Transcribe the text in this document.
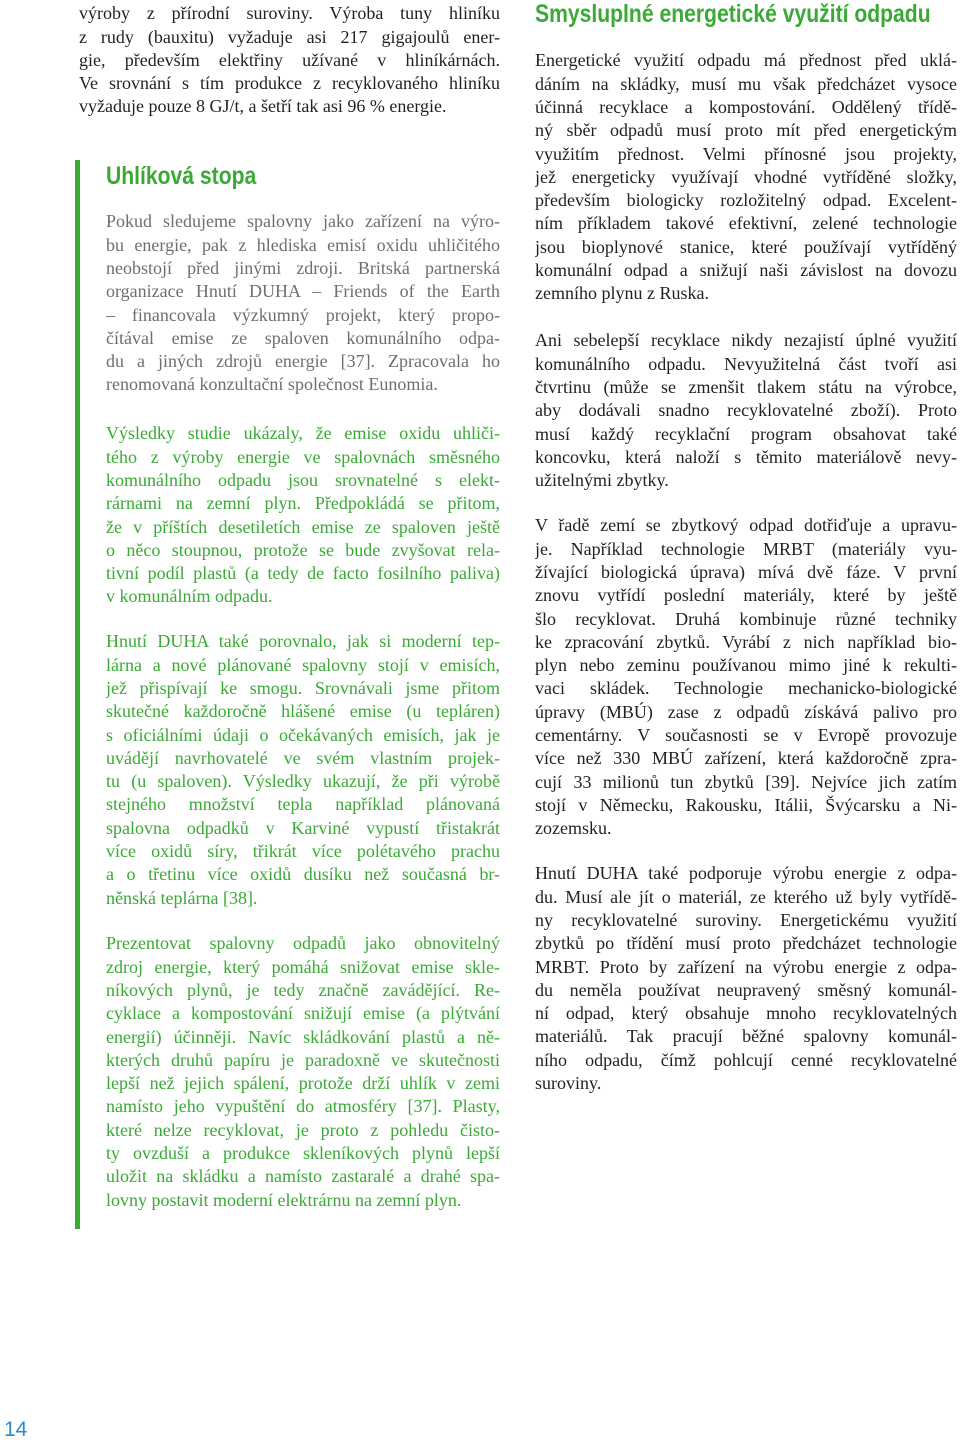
výroby z přírodní suroviny. Výroba tuny hliníku
z rudy (bauxitu) vyžaduje asi 217 gigajoulů ener-
gie, především elektřiny užívané v hliníkárnách.
Ve srovnání s tím produkce z recyklovaného hliníku
vyžaduje pouze 8 GJ/t, a šetří tak asi 96 % energie.
Uhlíková stopa
Pokud sledujeme spalovny jako zařízení na výro-
bu energie, pak z hlediska emisí oxidu uhličitého
neobstojí před jinými zdroji. Britská partnerská
organizace Hnutí DUHA – Friends of the Earth
– financovala výzkumný projekt, který propo-
čítával emise ze spaloven komunálního odpa-
du a jiných zdrojů energie [37]. Zpracovala ho
renomovaná konzultační společnost Eunomia.
Výsledky studie ukázaly, že emise oxidu uhliči-
tého z výroby energie ve spalovnách směsného
komunálního odpadu jsou srovnatelné s elekt-
rárnami na zemní plyn. Předpokládá se přitom,
že v příštích desetiletích emise ze spaloven ještě
o něco stoupnou, protože se bude zvyšovat rela-
tivní podíl plastů (a tedy de facto fosilního paliva)
v komunálním odpadu.
Hnutí DUHA také porovnalo, jak si moderní tep-
lárna a nové plánované spalovny stojí v emisích,
jež přispívají ke smogu. Srovnávali jsme přitom
skutečné každoročně hlášené emise (u tepláren)
s oficiálními údaji o očekávaných emisích, jak je
uvádějí navrhovatelé ve svém vlastním projek-
tu (u spaloven). Výsledky ukazují, že při výrobě
stejného množství tepla například plánovaná
spalovna odpadků v Karviné vypustí třistakrát
více oxidů síry, třikrát více polétavého prachu
a o třetinu více oxidů dusíku než současná br-
něnská teplárna [38].
Prezentovat spalovny odpadů jako obnovitelný
zdroj energie, který pomáhá snižovat emise skle-
níkových plynů, je tedy značně zavádějící. Re-
cyklace a kompostování snižují emise (a plýtvání
energií) účinněji. Navíc skládkování plastů a ně-
kterých druhů papíru je paradoxně ve skutečnosti
lepší než jejich spálení, protože drží uhlík v zemi
namísto jeho vypuštění do atmosféry [37]. Plasty,
které nelze recyklovat, je proto z pohledu čisto-
ty ovzduší a produkce skleníkových plynů lepší
uložit na skládku a namísto zastaralé a drahé spa-
lovny postavit moderní elektrárnu na zemní plyn.
Smysluplné energetické využití odpadu
Energetické využití odpadu má přednost před uklá-
dáním na skládky, musí mu však předcházet vysoce
účinná recyklace a kompostování. Oddělený třídě-
ný sběr odpadů musí proto mít před energetickým
využitím přednost. Velmi přínosné jsou projekty,
jež energeticky využívají vhodné vytříděné složky,
především biologicky rozložitelný odpad. Excelent-
ním příkladem takové efektivní, zelené technologie
jsou bioplynové stanice, které používají vytříděný
komunální odpad a snižují naši závislost na dovozu
zemního plynu z Ruska.
Ani sebelepší recyklace nikdy nezajistí úplné využití
komunálního odpadu. Nevyužitelná část tvoří asi
čtvrtinu (může se zmenšit tlakem státu na výrobce,
aby dodávali snadno recyklovatelné zboží). Proto
musí každý recyklační program obsahovat také
koncovku, která naloží s těmito materiálově nevy-
užitelnými zbytky.
V řadě zemí se zbytkový odpad dotřiďuje a upravu-
je. Například technologie MRBT (materiály vyu-
žívající biologická úprava) mívá dvě fáze. V první
znovu vytřídí poslední materiály, které by ještě
šlo recyklovat. Druhá kombinuje různé techniky
ke zpracování zbytků. Vyrábí z nich například bio-
plyn nebo zeminu používanou mimo jiné k rekulti-
vaci skládek. Technologie mechanicko-biologické
úpravy (MBÚ) zase z odpadů získává palivo pro
cementárny. V současnosti se v Evropě provozuje
více než 330 MBÚ zařízení, která každoročně zpra-
cují 33 milionů tun zbytků [39]. Nejvíce jich zatím
stojí v Německu, Rakousku, Itálii, Švýcarsku a Ni-
zozemsku.
Hnutí DUHA také podporuje výrobu energie z odpa-
du. Musí ale jít o materiál, ze kterého už byly vytřídě-
ny recyklovatelné suroviny. Energetickému využití
zbytků po třídění musí proto předcházet technologie
MRBT. Proto by zařízení na výrobu energie z odpa-
du neměla používat neupravený směsný komunál-
ní odpad, který obsahuje mnoho recyklovatelných
materiálů. Tak pracují běžné spalovny komunál-
ního odpadu, čímž pohlcují cenné recyklovatelné
suroviny.
14
